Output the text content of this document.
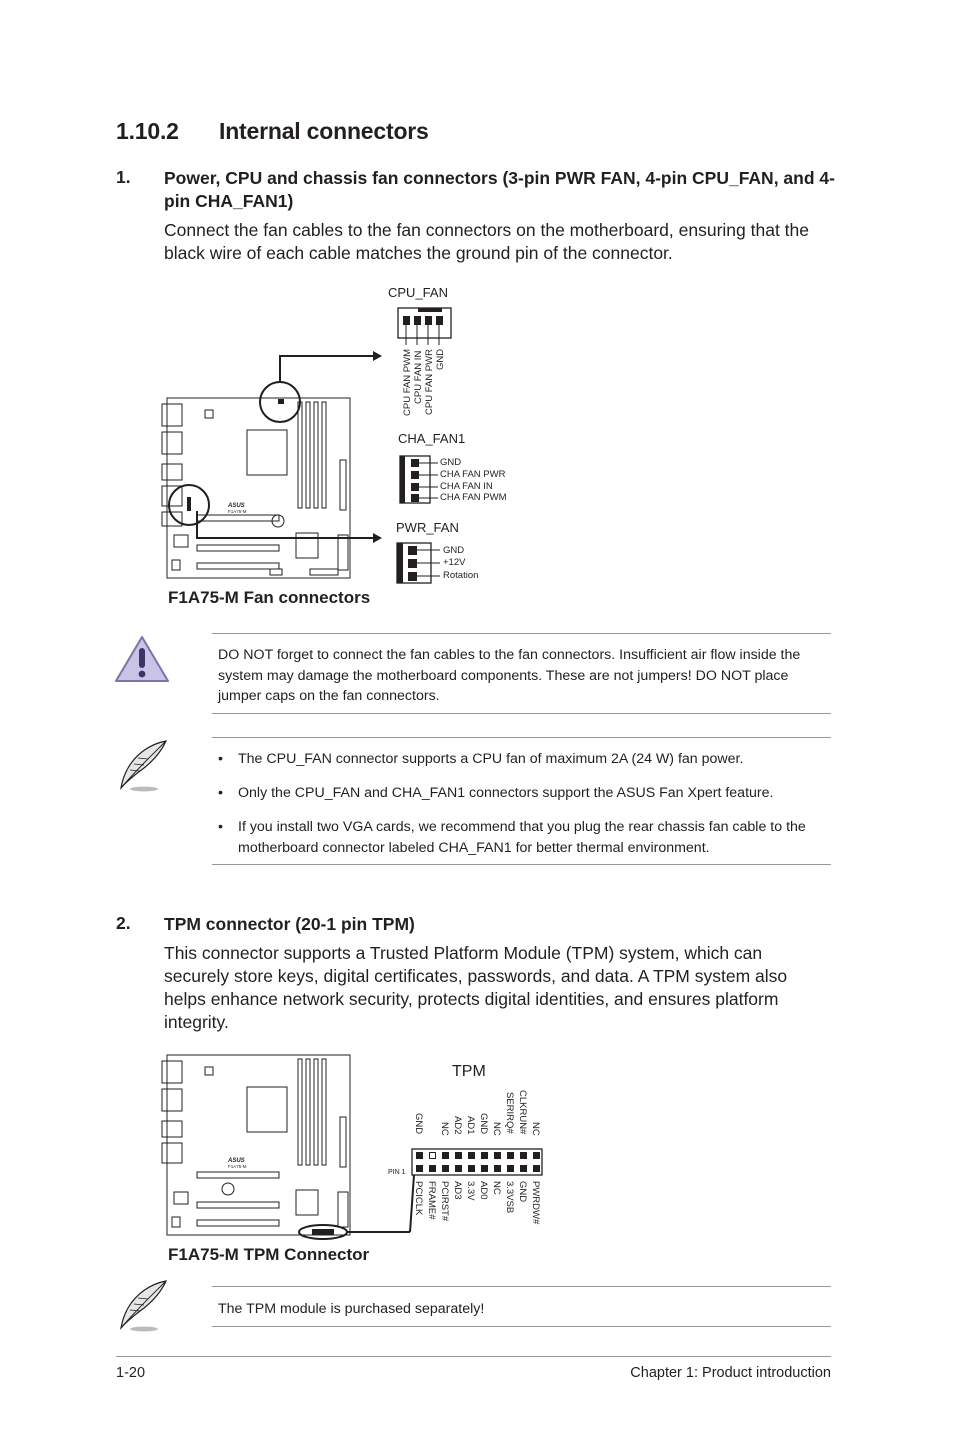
1.10.2 Internal connectors
1. Power, CPU and chassis fan connectors (3-pin PWR FAN, 4-pin CPU_FAN, and 4-pin CHA_FAN1)
Connect the fan cables to the fan connectors on the motherboard, ensuring that the black wire of each cable matches the ground pin of the connector.
ASUS
F1A75-M
CPU_FAN
CPU FAN PWM CPU FAN IN CPU FAN PWR GND
CHA_FAN1
GND
CHA FAN PWR
CHA FAN IN
CHA FAN PWM
PWR_FAN
GND
+12V
Rotation
F1A75-M Fan connectors
DO NOT forget to connect the fan cables to the fan connectors. Insufficient air flow inside the system may damage the motherboard components. These are not jumpers! DO NOT place jumper caps on the fan connectors.
• The CPU_FAN connector supports a CPU fan of maximum 2A (24 W) fan power.
• Only the CPU_FAN and CHA_FAN1 connectors support the ASUS Fan Xpert feature.
• If you install two VGA cards, we recommend that you plug the rear chassis fan cable to the motherboard connector labeled CHA_FAN1 for better thermal environment.
2. TPM connector (20-1 pin TPM)
This connector supports a Trusted Platform Module (TPM) system, which can securely store keys, digital certificates, passwords, and data. A TPM system also helps enhance network security, protects digital identities, and ensures platform integrity.
ASUS
F1A75-M
TPM
PIN 1
GND NC AD2 AD1 GND NC SERIRQ# CLKRUN# NC
PCICLK FRAME# PCIRST# AD3 3.3V AD0 NC 3.3VSB GND PWRDW#
F1A75-M TPM Connector
The TPM module is purchased separately!
1-20	Chapter 1: Product introduction
